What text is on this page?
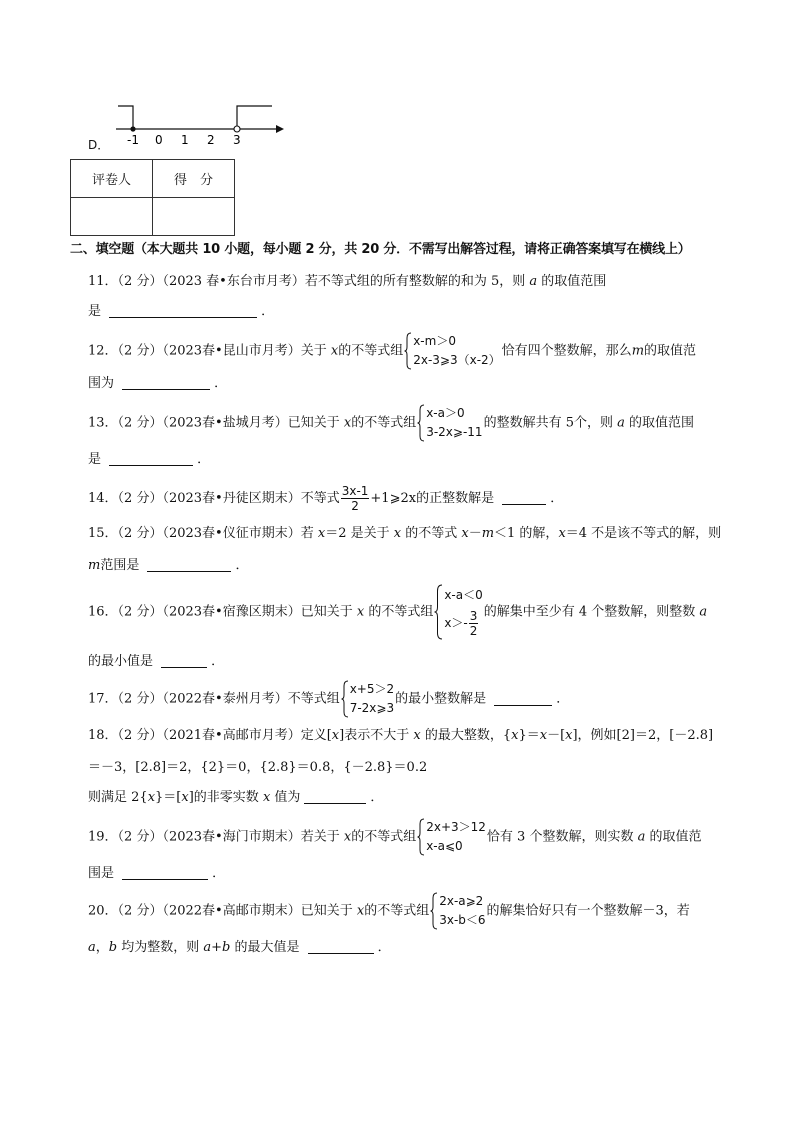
D． -1 0 1 2 3
评卷人	得　分

二、填空题（本大题共 10 小题，每小题 2 分，共 20 分．不需写出解答过程，请将正确答案填写在横线上）
11．（2 分）（2023 春•东台市月考）若不等式组的所有整数解的和为 5，则 a 的取值范围
是	．
12．（2 分）（2023春•昆山市月考）关于 x的不等式组
x-m＞0
2x-3⩾3（x-2）
恰有四个整数解，那么m的取值范
围为	．
13．（2 分）（2023春•盐城月考）已知关于 x的不等式组
x-a＞0
3-2x⩾-11
的整数解共有 5个，则 a 的取值范围
是	．
14．（2 分）（2023春•丹徒区期末）不等式 $\frac{3x-1}{2}$ +1⩾2x的正整数解是	．
15．（2 分）（2023春•仪征市期末）若 x＝2 是关于 x 的不等式 x－m＜1 的解，x＝4 不是该不等式的解，则
m范围是	．
16．（2 分）（2023春•宿豫区期末）已知关于 x 的不等式组
x-a＜0
$x>- \frac{3}{2}$ 的解集中至少有 4 个整数解，则整数 a
的最小值是	．
17．（2 分）（2022春•泰州月考）不等式组
x+5＞2
7-2x⩾3
的最小整数解是	．
18．（2 分）（2021春•高邮市月考）定义[x]表示不大于 x 的最大整数，{x}＝x－[x]，例如[2]＝2，[－2.8]
＝－3，[2.8]＝2，{2}＝0，{2.8}＝0.8，{－2.8}＝0.2
则满足 2{x}＝[x]的非零实数 x 值为	．
19．（2 分）（2023春•海门市期末）若关于 x的不等式组
2x+3＞12
x-a⩽0
恰有 3 个整数解，则实数 a 的取值范
围是	．
20．（2 分）（2022春•高邮市期末）已知关于 x的不等式组
2x-a⩾2
3x-b＜6
的解集恰好只有一个整数解－3，若
a，b 均为整数，则 a+b 的最大值是	．
